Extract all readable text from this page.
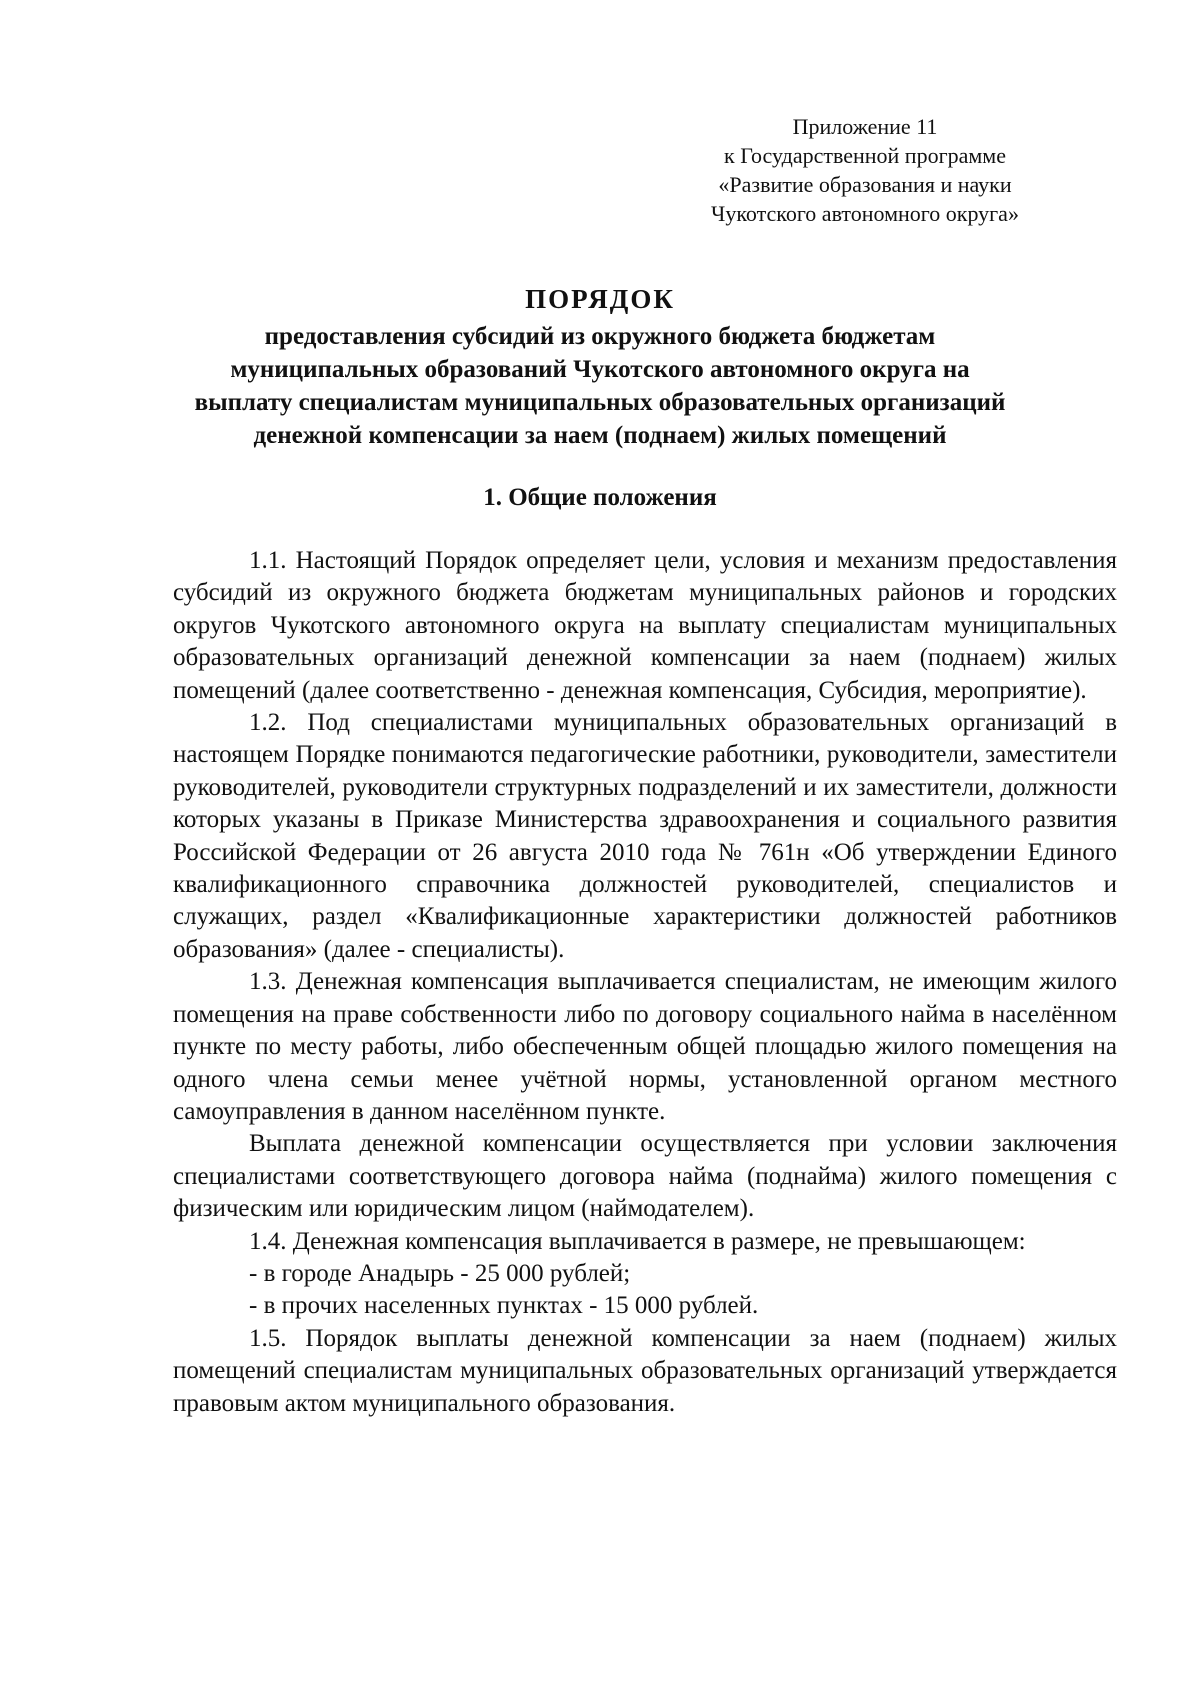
Приложение 11
к Государственной программе
«Развитие образования и науки
Чукотского автономного округа»
ПОРЯДОК
предоставления субсидий из окружного бюджета бюджетам
муниципальных образований Чукотского автономного округа на
выплату специалистам муниципальных образовательных организаций
денежной компенсации за наем (поднаем) жилых помещений
1. Общие положения

1.1. Настоящий Порядок определяет цели, условия и механизм предоставления субсидий из окружного бюджета бюджетам муниципальных районов и городских округов Чукотского автономного округа на выплату специалистам муниципальных образовательных организаций денежной компенсации за наем (поднаем) жилых помещений (далее соответственно - денежная компенсация, Субсидия, мероприятие).

1.2. Под специалистами муниципальных образовательных организаций в настоящем Порядке понимаются педагогические работники, руководители, заместители руководителей, руководители структурных подразделений и их заместители, должности которых указаны в Приказе Министерства здравоохранения и социального развития Российской Федерации от 26 августа 2010 года № 761н «Об утверждении Единого квалификационного справочника должностей руководителей, специалистов и служащих, раздел «Квалификационные характеристики должностей работников образования» (далее - специалисты).

1.3. Денежная компенсация выплачивается специалистам, не имеющим жилого помещения на праве собственности либо по договору социального найма в населённом пункте по месту работы, либо обеспеченным общей площадью жилого помещения на одного члена семьи менее учётной нормы, установленной органом местного самоуправления в данном населённом пункте.

Выплата денежной компенсации осуществляется при условии заключения специалистами соответствующего договора найма (поднайма) жилого помещения с физическим или юридическим лицом (наймодателем).

1.4. Денежная компенсация выплачивается в размере, не превышающем:

- в городе Анадырь - 25 000 рублей;

- в прочих населенных пунктах - 15 000 рублей.

1.5. Порядок выплаты денежной компенсации за наем (поднаем) жилых помещений специалистам муниципальных образовательных организаций утверждается правовым актом муниципального образования.
